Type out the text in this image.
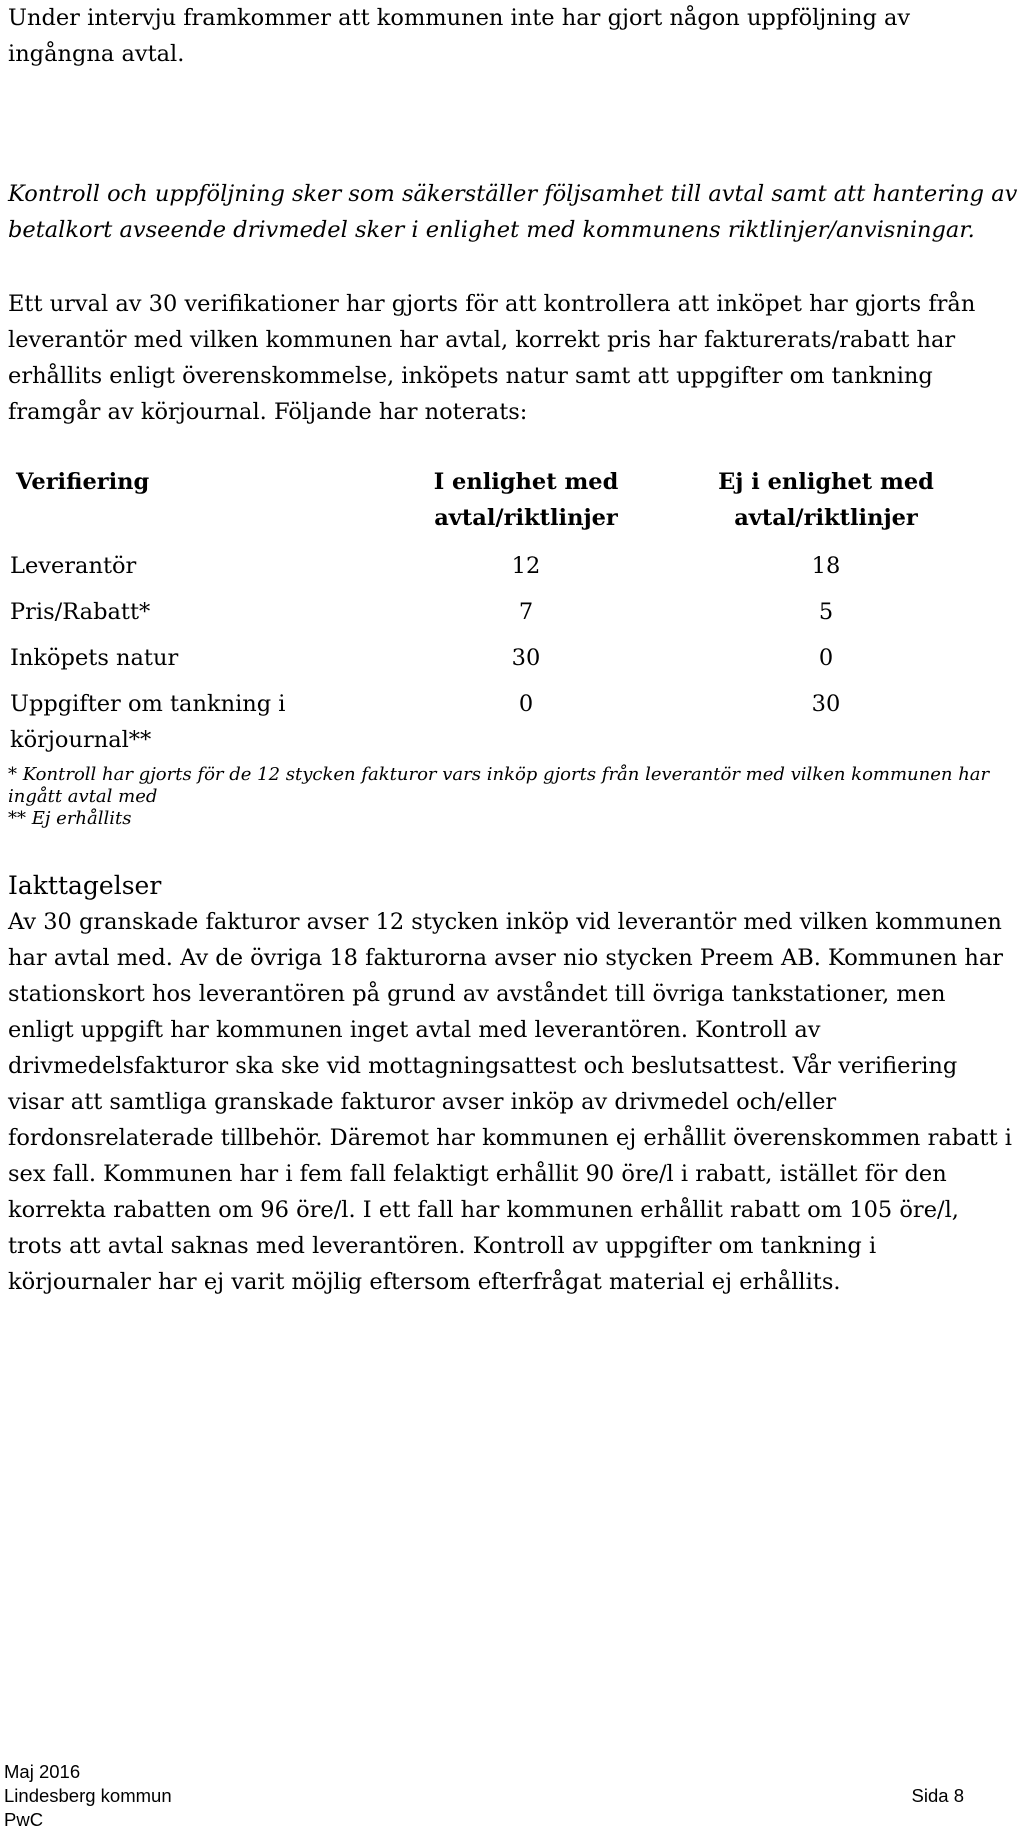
Under intervju framkommer att kommunen inte har gjort någon uppföljning av ingångna avtal.

Kontroll och uppföljning sker som säkerställer följsamhet till avtal samt att hantering av betalkort avseende drivmedel sker i enlighet med kommunens riktlinjer/anvisningar.

Ett urval av 30 verifikationer har gjorts för att kontrollera att inköpet har gjorts från leverantör med vilken kommunen har avtal, korrekt pris har fakturerats/rabatt har erhållits enligt överenskommelse, inköpets natur samt att uppgifter om tankning framgår av körjournal. Följande har noterats:

Verifiering	I enlighet med avtal/riktlinjer	Ej i enlighet med avtal/riktlinjer
Leverantör	12	18
Pris/Rabatt*	7	5
Inköpets natur	30	0
Uppgifter om tankning i körjournal**	0	30
* Kontroll har gjorts för de 12 stycken fakturor vars inköp gjorts från leverantör med vilken kommunen har ingått avtal med
** Ej erhållits
Iakttagelser

Av 30 granskade fakturor avser 12 stycken inköp vid leverantör med vilken kommunen har avtal med. Av de övriga 18 fakturorna avser nio stycken Preem AB. Kommunen har stationskort hos leverantören på grund av avståndet till övriga tankstationer, men enligt uppgift har kommunen inget avtal med leverantören. Kontroll av drivmedelsfakturor ska ske vid mottagningsattest och beslutsattest. Vår verifiering visar att samtliga granskade fakturor avser inköp av drivmedel och/eller fordonsrelaterade tillbehör. Däremot har kommunen ej erhållit överenskommen rabatt i sex fall. Kommunen har i fem fall felaktigt erhållit 90 öre/l i rabatt, istället för den korrekta rabatten om 96 öre/l. I ett fall har kommunen erhållit rabatt om 105 öre/l, trots att avtal saknas med leverantören. Kontroll av uppgifter om tankning i körjournaler har ej varit möjlig eftersom efterfrågat material ej erhållits.

Maj 2016
Lindesberg kommun
PwC
Sida 8
